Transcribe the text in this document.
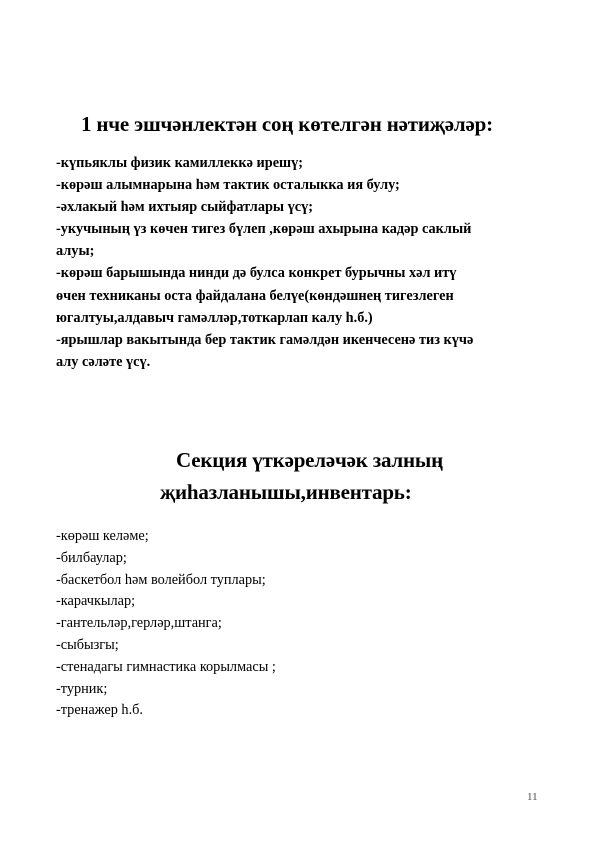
1 нче эшчәнлектән соң көтелгән нәтиҗәләр:
-күпьяклы физик камиллеккә ирешү;
-көрәш алымнарына һәм тактик осталыкка ия булу;
-әхлакый һәм ихтыяр сыйфатлары үсү;
-укучының үз көчен тигез бүлеп ,көрәш ахырына кадәр саклый
алуы;
-көрәш барышында нинди дә булса конкрет бурычны хәл итү
өчен техниканы оста файдалана белүе(көндәшнең тигезлеген
югалтуы,алдавыч гамәлләр,тоткарлап калу һ.б.)
-ярышлар вакытында бер тактик гамәлдән икенчесенә тиз күчә
алу сәләте үсү.
Секция үткәреләчәк залның
җиһазланышы,инвентарь:
-көрәш келәме;
-билбаулар;
-баскетбол һәм волейбол туплары;
-карачкылар;
-гантельләр,герләр,штанга;
-сыбызгы;
-стенадагы гимнастика корылмасы ;
-турник;
-тренажер һ.б.
11
